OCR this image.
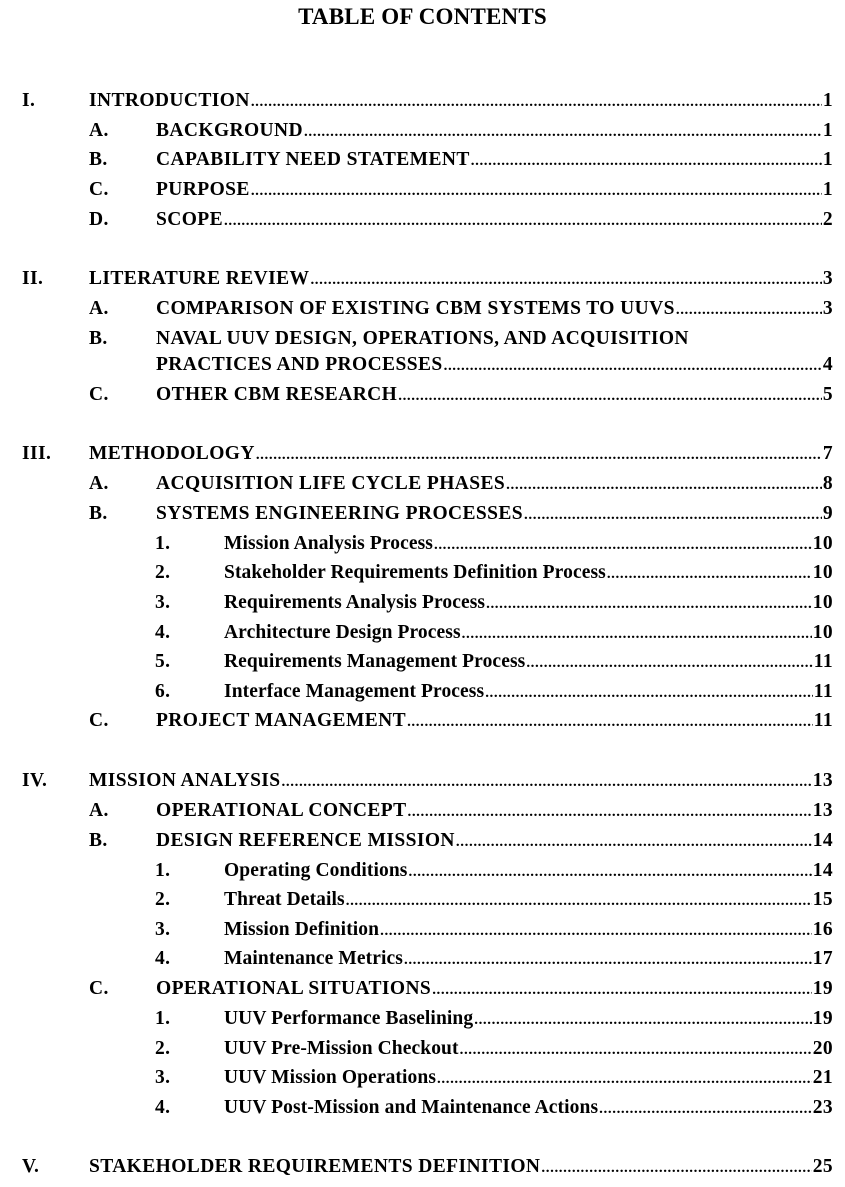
TABLE OF CONTENTS
I.	INTRODUCTION .....	1
A. BACKGROUND .....	1
B. CAPABILITY NEED STATEMENT .....	1
C. PURPOSE .....	1
D. SCOPE .....	2
II. LITERATURE REVIEW .....	3
A. COMPARISON OF EXISTING CBM SYSTEMS TO UUVS .....	3
B. NAVAL UUV DESIGN, OPERATIONS, AND ACQUISITION
PRACTICES AND PROCESSES .....	4
C. OTHER CBM RESEARCH .....	5
III. METHODOLOGY .....	7
A. ACQUISITION LIFE CYCLE PHASES .....	8
B. SYSTEMS ENGINEERING PROCESSES .....	9
1.	Mission Analysis Process .....	10
2.	Stakeholder Requirements Definition Process .....	10
3.	Requirements Analysis Process .....	10
4.	Architecture Design Process .....	10
5.	Requirements Management Process .....	11
6.	Interface Management Process .....	11
C. PROJECT MANAGEMENT .....	11
IV. MISSION ANALYSIS .....	13
A. OPERATIONAL CONCEPT .....	13
B. DESIGN REFERENCE MISSION .....	14
1.	Operating Conditions .....	14
2.	Threat Details .....	15
3.	Mission Definition .....	16
4.	Maintenance Metrics .....	17
C. OPERATIONAL SITUATIONS .....	19
1.	UUV Performance Baselining .....	19
2.	UUV Pre-Mission Checkout .....	20
3.	UUV Mission Operations .....	21
4.	UUV Post-Mission and Maintenance Actions .....	23
V.	STAKEHOLDER REQUIREMENTS DEFINITION .....	25
